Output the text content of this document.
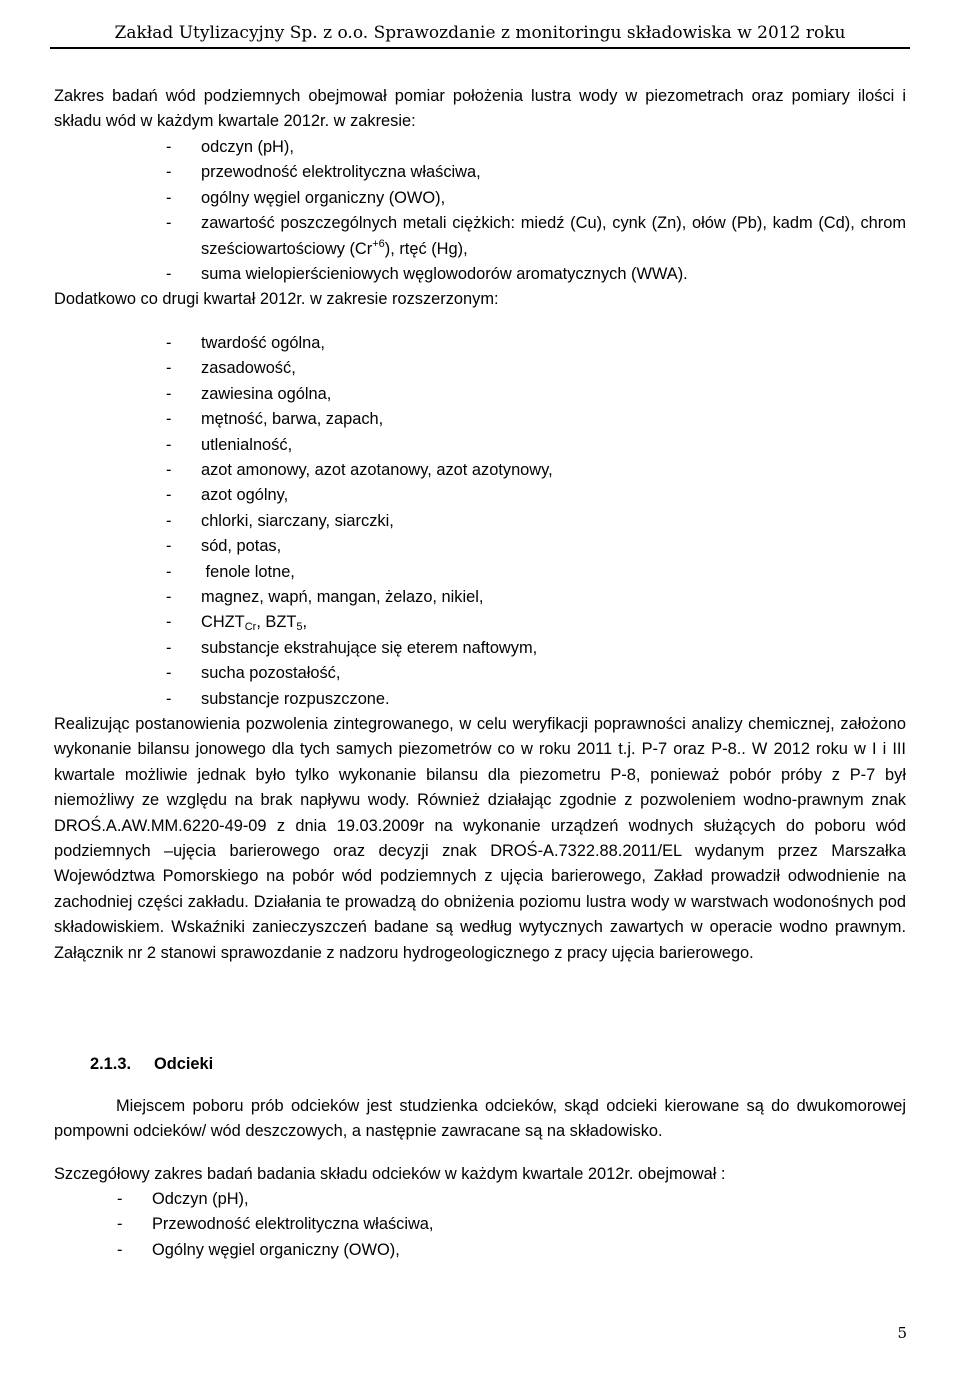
Zakład Utylizacyjny Sp. z o.o. Sprawozdanie z monitoringu składowiska w 2012 roku
Zakres badań wód podziemnych obejmował pomiar położenia lustra wody w piezometrach oraz pomiary ilości i składu wód w każdym kwartale 2012r. w zakresie:
- odczyn (pH),
- przewodność elektrolityczna właściwa,
- ogólny węgiel organiczny (OWO),
- zawartość poszczególnych metali ciężkich: miedź (Cu), cynk (Zn), ołów (Pb), kadm (Cd), chrom sześciowartościowy $(Cr^{+6})$, rtęć (Hg),
- suma wielopierścieniowych węglowodorów aromatycznych (WWA).
Dodatkowo co drugi kwartał 2012r. w zakresie rozszerzonym:
- twardość ogólna,
- zasadowość,
- zawiesina ogólna,
- mętność, barwa, zapach,
- utlenialność,
- azot amonowy, azot azotanowy, azot azotynowy,
- azot ogólny,
- chlorki, siarczany, siarczki,
- sód, potas,
- fenole lotne,
- magnez, wapń, mangan, żelazo, nikiel,
- $CHZT_{Cr}$, $BZT_5$,
- substancje ekstrahujące się eterem naftowym,
- sucha pozostałość,
- substancje rozpuszczone.
Realizując postanowienia pozwolenia zintegrowanego, w celu weryfikacji poprawności analizy chemicznej, założono wykonanie bilansu jonowego dla tych samych piezometrów co w roku 2011 t.j. P-7 oraz P-8.. W 2012 roku w I i III kwartale możliwie jednak było tylko wykonanie bilansu dla piezometru P-8, ponieważ pobór próby z P-7 był niemożliwy ze względu na brak napływu wody. Również działając zgodnie z pozwoleniem wodno-prawnym znak DROŚ.A.AW.MM.6220-49-09 z dnia 19.03.2009r na wykonanie urządzeń wodnych służących do poboru wód podziemnych –ujęcia barierowego oraz decyzji znak DROŚ-A.7322.88.2011/EL wydanym przez Marszałka Województwa Pomorskiego na pobór wód podziemnych z ujęcia barierowego, Zakład prowadził odwodnienie na zachodniej części zakładu. Działania te prowadzą do obniżenia poziomu lustra wody w warstwach wodonośnych pod składowiskiem. Wskaźniki zanieczyszczeń badane są według wytycznych zawartych w operacie wodno prawnym. Załącznik nr 2 stanowi sprawozdanie z nadzoru hydrogeologicznego z pracy ujęcia barierowego.
2.1.3. Odcieki
Miejscem poboru prób odcieków jest studzienka odcieków, skąd odcieki kierowane są do dwukomorowej pompowni odcieków/ wód deszczowych, a następnie zawracane są na składowisko.
Szczegółowy zakres badań badania składu odcieków w każdym kwartale 2012r. obejmował :
- Odczyn (pH),
- Przewodność elektrolityczna właściwa,
- Ogólny węgiel organiczny (OWO),
5
